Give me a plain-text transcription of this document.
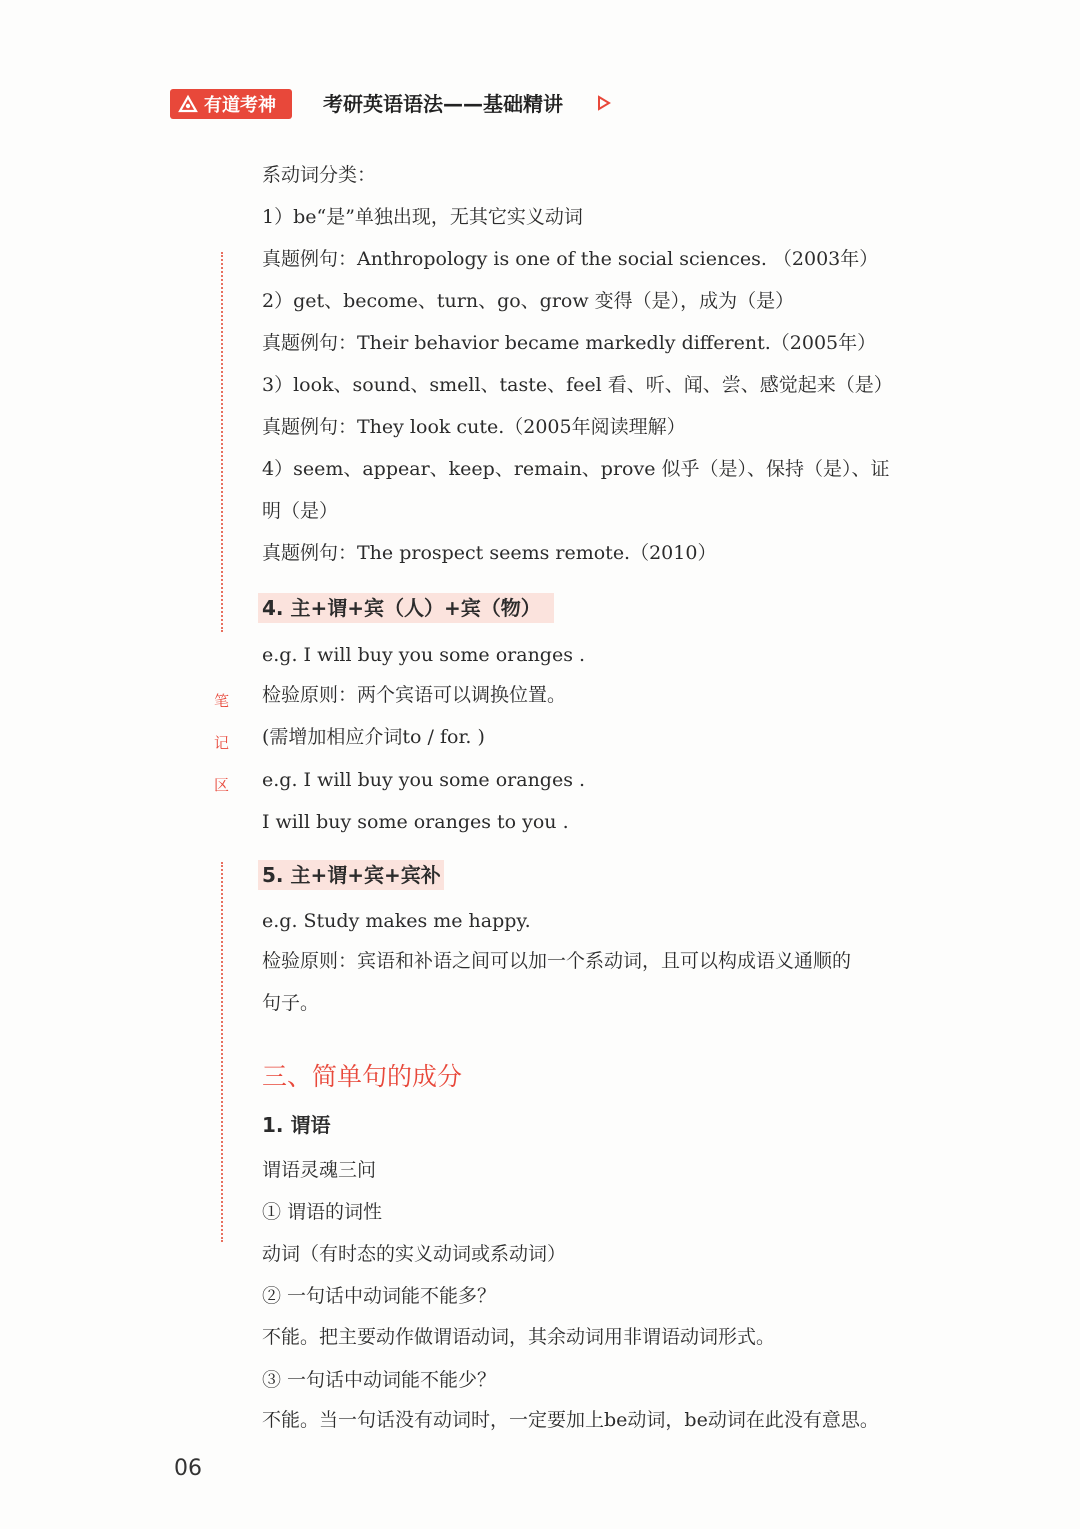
有道考神 考研英语语法——基础精讲
笔
记
区
系动词分类：
1）be“是”单独出现，无其它实义动词
真题例句：Anthropology is one of the social sciences. （2003年）
2）get、become、turn、go、grow 变得（是），成为（是）
真题例句：Their behavior became markedly different.（2005年）
3）look、sound、smell、taste、feel 看、听、闻、尝、感觉起来（是）
真题例句：They look cute.（2005年阅读理解）
4）seem、appear、keep、remain、prove 似乎（是）、保持（是）、证
明（是）
真题例句：The prospect seems remote.（2010）
4. 主+谓+宾（人）+宾（物）
e.g. I will buy you some oranges .
检验原则：两个宾语可以调换位置。
(需增加相应介词to / for. )
e.g. I will buy you some oranges .
I will buy some oranges to you .
5. 主+谓+宾+宾补
e.g. Study makes me happy.
检验原则：宾语和补语之间可以加一个系动词，且可以构成语义通顺的
句子。
三、简单句的成分
1. 谓语
谓语灵魂三问
① 谓语的词性
动词（有时态的实义动词或系动词）
② 一句话中动词能不能多？
不能。把主要动作做谓语动词，其余动词用非谓语动词形式。
③ 一句话中动词能不能少？
不能。当一句话没有动词时，一定要加上be动词，be动词在此没有意思。
06
